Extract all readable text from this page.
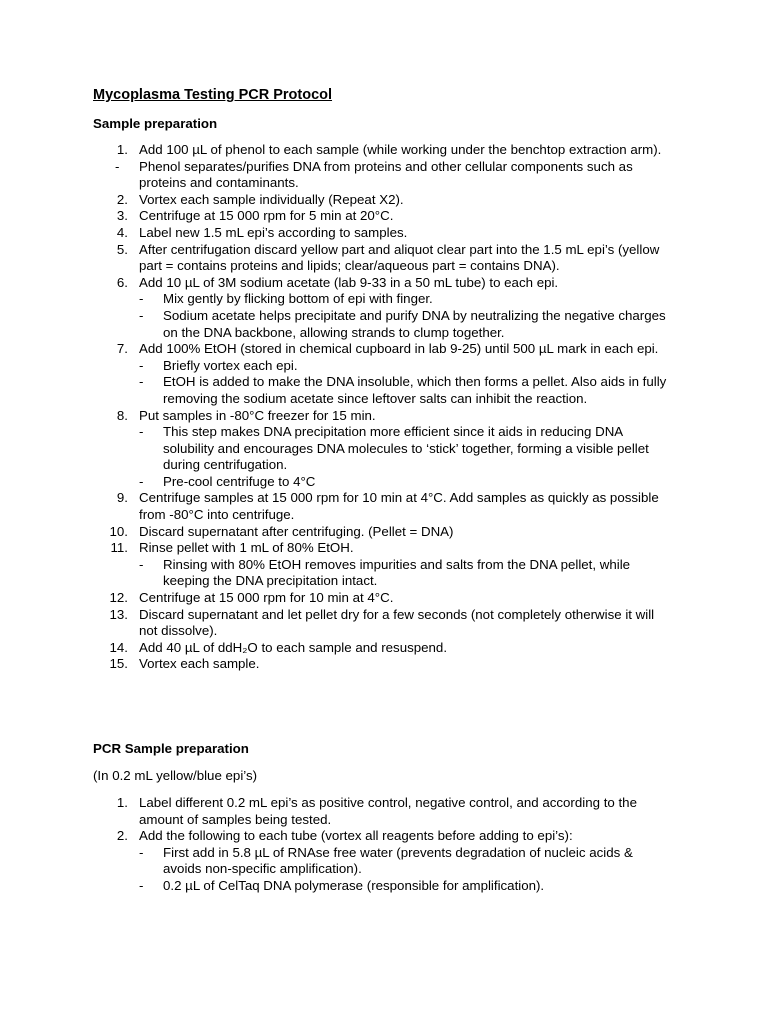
Mycoplasma Testing PCR Protocol
Sample preparation
1. Add 100 µL of phenol to each sample (while working under the benchtop extraction arm).
- Phenol separates/purifies DNA from proteins and other cellular components such as proteins and contaminants.
2. Vortex each sample individually (Repeat X2).
3. Centrifuge at 15 000 rpm for 5 min at 20°C.
4. Label new 1.5 mL epi’s according to samples.
5. After centrifugation discard yellow part and aliquot clear part into the 1.5 mL epi’s (yellow part = contains proteins and lipids; clear/aqueous part = contains DNA).
6. Add 10 µL of 3M sodium acetate (lab 9-33 in a 50 mL tube) to each epi.
- Mix gently by flicking bottom of epi with finger.
- Sodium acetate helps precipitate and purify DNA by neutralizing the negative charges on the DNA backbone, allowing strands to clump together.
7. Add 100% EtOH (stored in chemical cupboard in lab 9-25) until 500 µL mark in each epi.
- Briefly vortex each epi.
- EtOH is added to make the DNA insoluble, which then forms a pellet. Also aids in fully removing the sodium acetate since leftover salts can inhibit the reaction.
8. Put samples in -80°C freezer for 15 min.
- This step makes DNA precipitation more efficient since it aids in reducing DNA solubility and encourages DNA molecules to ‘stick’ together, forming a visible pellet during centrifugation.
- Pre-cool centrifuge to 4°C
9. Centrifuge samples at 15 000 rpm for 10 min at 4°C. Add samples as quickly as possible from -80°C into centrifuge.
10. Discard supernatant after centrifuging. (Pellet = DNA)
11. Rinse pellet with 1 mL of 80% EtOH.
- Rinsing with 80% EtOH removes impurities and salts from the DNA pellet, while keeping the DNA precipitation intact.
12. Centrifuge at 15 000 rpm for 10 min at 4°C.
13. Discard supernatant and let pellet dry for a few seconds (not completely otherwise it will not dissolve).
14. Add 40 µL of ddH₂O to each sample and resuspend.
15. Vortex each sample.
PCR Sample preparation

(In 0.2 mL yellow/blue epi’s)

1. Label different 0.2 mL epi’s as positive control, negative control, and according to the amount of samples being tested.
2. Add the following to each tube (vortex all reagents before adding to epi’s):
- First add in 5.8 µL of RNAse free water (prevents degradation of nucleic acids & avoids non-specific amplification).
- 0.2 µL of CelTaq DNA polymerase (responsible for amplification).
